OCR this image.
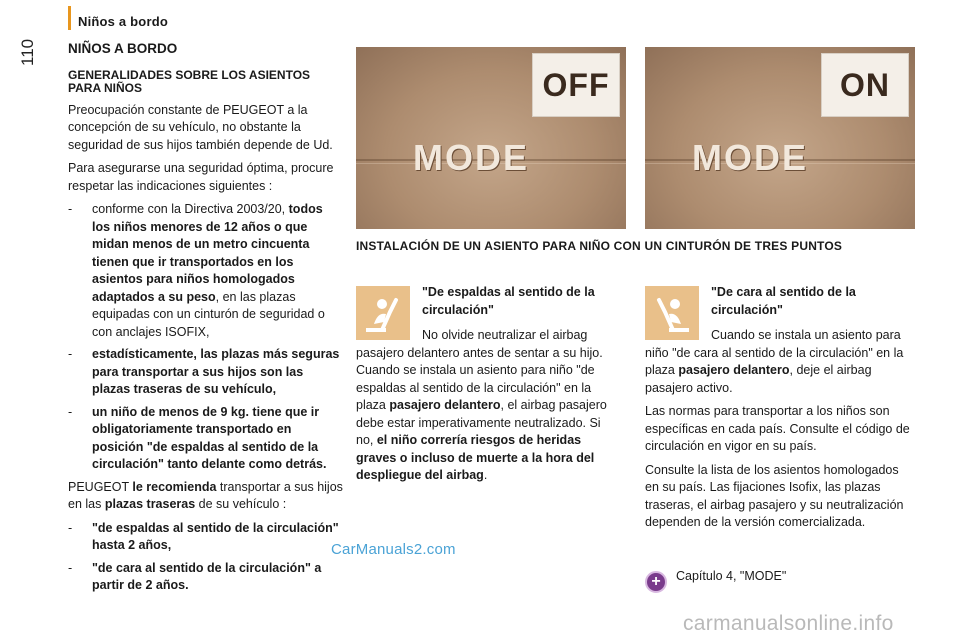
Niños a bordo
110 NIÑOS A BORDO
GENERALIDADES SOBRE LOS ASIENTOS PARA NIÑOS

Preocupación constante de PEUGEOT a la concepción de su vehículo, no obstante la seguridad de sus hijos también depende de Ud.

Para asegurarse una seguridad óptima, procure respetar las indicaciones siguientes :

- conforme con la Directiva 2003/20, todos los niños menores de 12 años o que midan menos de un metro cincuenta tienen que ir transportados en los asientos para niños homologados adaptados a su peso, en las plazas equipadas con un cinturón de seguridad o con anclajes ISOFIX,
- estadísticamente, las plazas más seguras para transportar a sus hijos son las plazas traseras de su vehículo,
- un niño de menos de 9 kg. tiene que ir obligatoriamente transportado en posición "de espaldas al sentido de la circulación" tanto delante como detrás.

PEUGEOT le recomienda transportar a sus hijos en las plazas traseras de su vehículo :

- "de espaldas al sentido de la circulación" hasta 2 años,
- "de cara al sentido de la circulación" a partir de 2 años.
OFF
MODE
ON
MODE
INSTALACIÓN DE UN ASIENTO PARA NIÑO CON UN CINTURÓN DE TRES PUNTOS
"De espaldas al sentido de la circulación"
No olvide neutralizar el airbag pasajero delantero antes de sentar a su hijo. Cuando se instala un asiento para niño "de espaldas al sentido de la circulación" en la plaza pasajero delantero, el airbag pasajero debe estar imperativamente neutralizado. Si no, el niño correría riesgos de heridas graves o incluso de muerte a la hora del despliegue del airbag.
"De cara al sentido de la circulación"

Cuando se instala un asiento para niño "de cara al sentido de la circulación" en la plaza pasajero delantero, deje el airbag pasajero activo.

Las normas para transportar a los niños son específicas en cada país. Consulte el código de circulación en vigor en su país.

Consulte la lista de los asientos homologados en su país. Las fijaciones Isofix, las plazas traseras, el airbag pasajero y su neutralización dependen de la versión comercializada.

+	Capítulo 4, "MODE"
CarManuals2.com
carmanualsonline.info
